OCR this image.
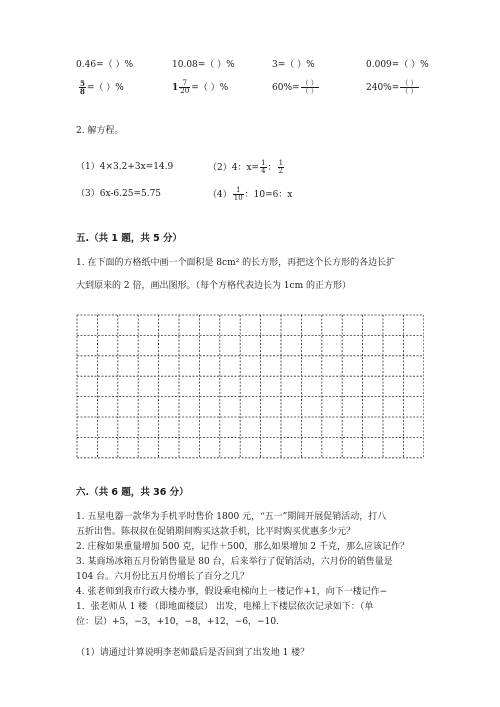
0.46=（ ）%	10.08=（ ）%	3=（ ）%	0.009=（ ）%
$\frac{5}{8}$ =（ ）%	$1 \frac{7}{20}$ =（ ）%	$60\%= \frac{( )}{( )}$	$240\%= \frac{( )}{( )}$
2. 解方程。
（1）4×3.2+3x=14.9	（2）4：$x= \frac{1}{4}$ ： $\frac{1}{2}$
（3）6x-6.25=5.75	$(4) \frac{1}{10}$ ：10=6：x
五.（共 1 题，共 5 分）
1. 在下面的方格纸中画一个面积是 8cm² 的长方形，再把这个长方形的各边长扩
大到原来的 2 倍，画出图形。（每个方格代表边长为 1cm 的正方形）
六.（共 6 题，共 36 分）
1. 五星电器一款华为手机平时售价 1800 元，“五一”期间开展促销活动，打八
五折出售。陈叔叔在促销期间购买这款手机，比平时购买优惠多少元？
2. 庄稼如果重量增加 500 克，记作＋500，那么如果增加 2 千克，那么应该记作？
3. 某商场冰箱五月份销售量是 80 台，后来举行了促销活动，六月份的销售量是
104 台。六月份比五月份增长了百分之几？
4. 张老师到我市行政大楼办事，假设乘电梯向上一楼记作+1，向下一楼记作−
1．张老师从 1 楼 （即地面楼层） 出发，电梯上下楼层依次记录如下：（单
位：层）+5，−3，+10，−8，+12，−6，−10.
（1）请通过计算说明李老师最后是否回到了出发地 1 楼？
